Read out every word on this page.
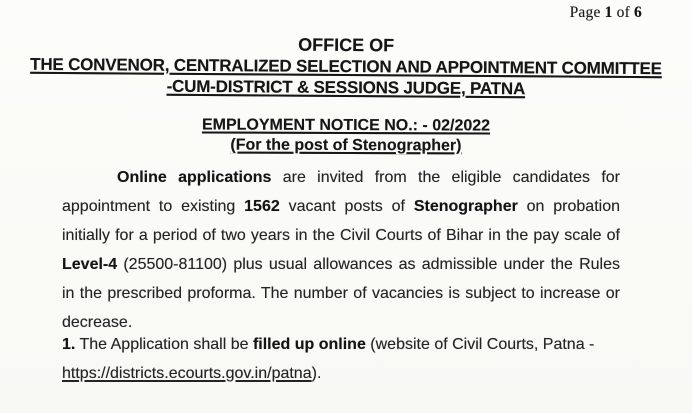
Page 1 of 6
OFFICE OF
THE CONVENOR, CENTRALIZED SELECTION AND APPOINTMENT COMMITTEE
-CUM-DISTRICT & SESSIONS JUDGE, PATNA
EMPLOYMENT NOTICE NO.: - 02/2022
(For the post of Stenographer)
Online applications are invited from the eligible candidates for appointment to existing 1562 vacant posts of Stenographer on probation initially for a period of two years in the Civil Courts of Bihar in the pay scale of Level-4 (25500-81100) plus usual allowances as admissible under the Rules in the prescribed proforma. The number of vacancies is subject to increase or decrease.
1. The Application shall be filled up online (website of Civil Courts, Patna -
https://districts.ecourts.gov.in/patna).
